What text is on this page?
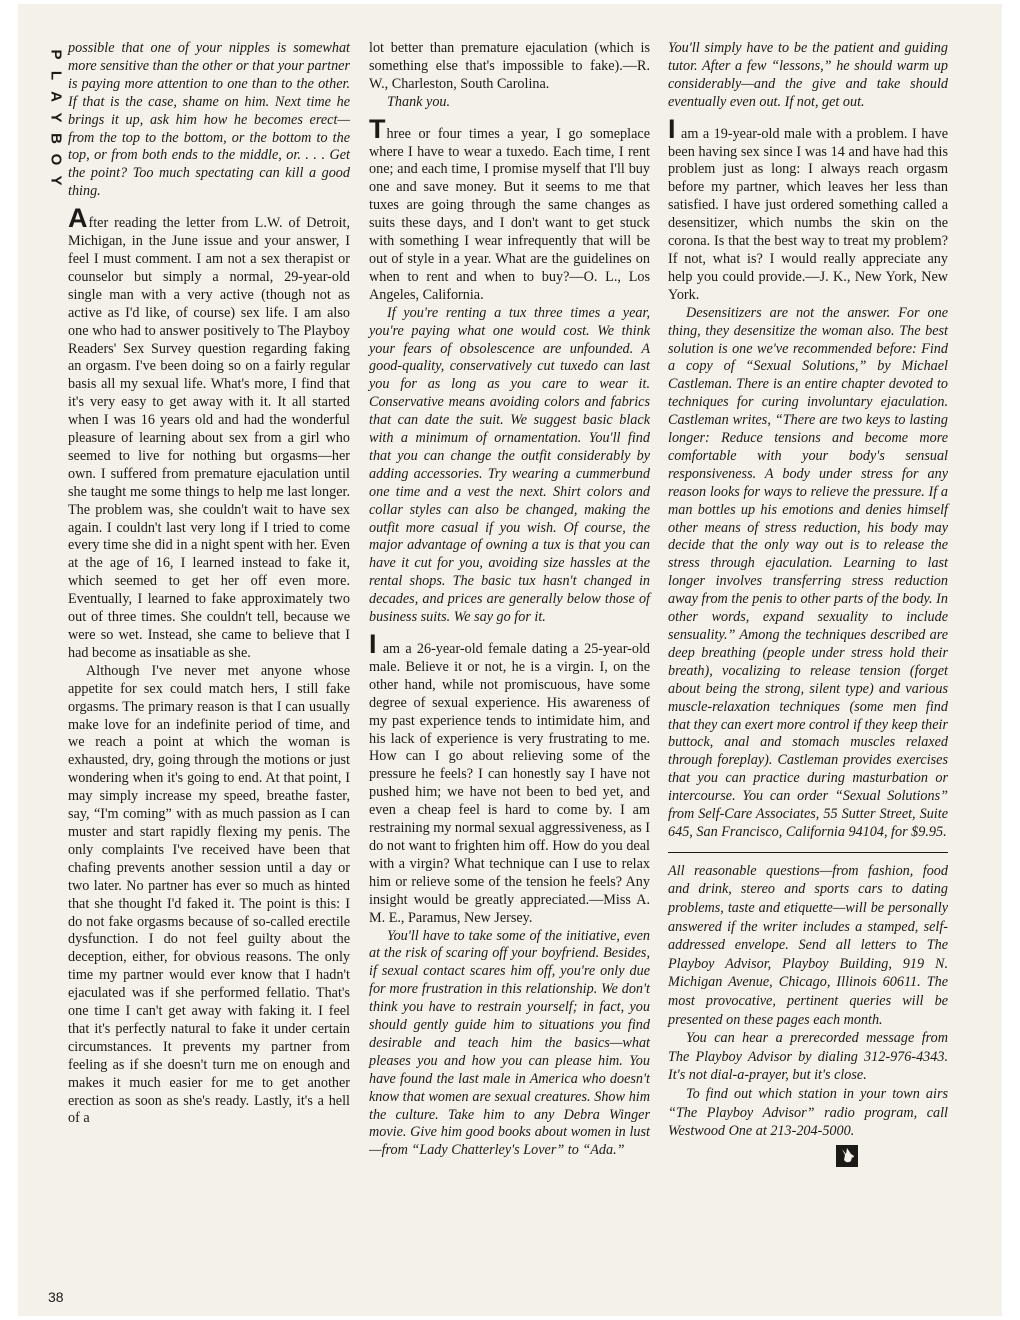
P
L
A
Y
B
O
Y

possible that one of your nipples is somewhat more sensitive than the other or that your partner is paying more attention to one than to the other. If that is the case, shame on him. Next time he brings it up, ask him how he becomes erect—from the top to the bottom, or the bottom to the top, or from both ends to the middle, or. . . . Get the point? Too much spectating can kill a good thing.

After reading the letter from L.W. of Detroit, Michigan, in the June issue and your answer, I feel I must comment. I am not a sex therapist or counselor but simply a normal, 29-year-old single man with a very active (though not as active as I'd like, of course) sex life. I am also one who had to answer positively to The Playboy Readers' Sex Survey question regarding faking an orgasm. I've been doing so on a fairly regular basis all my sexual life. What's more, I find that it's very easy to get away with it. It all started when I was 16 years old and had the wonderful pleasure of learning about sex from a girl who seemed to live for nothing but orgasms—her own. I suffered from premature ejaculation until she taught me some things to help me last longer. The problem was, she couldn't wait to have sex again. I couldn't last very long if I tried to come every time she did in a night spent with her. Even at the age of 16, I learned instead to fake it, which seemed to get her off even more. Eventually, I learned to fake approximately two out of three times. She couldn't tell, because we were so wet. Instead, she came to believe that I had become as insatiable as she.

Although I've never met anyone whose appetite for sex could match hers, I still fake orgasms. The primary reason is that I can usually make love for an indefinite period of time, and we reach a point at which the woman is exhausted, dry, going through the motions or just wondering when it's going to end. At that point, I may simply increase my speed, breathe faster, say, “I'm coming” with as much passion as I can muster and start rapidly flexing my penis. The only complaints I've received have been that chafing prevents another session until a day or two later. No partner has ever so much as hinted that she thought I'd faked it. The point is this: I do not fake orgasms because of so-called erectile dysfunction. I do not feel guilty about the deception, either, for obvious reasons. The only time my partner would ever know that I hadn't ejaculated was if she performed fellatio. That's one time I can't get away with faking it. I feel that it's perfectly natural to fake it under certain circumstances. It prevents my partner from feeling as if she doesn't turn me on enough and makes it much easier for me to get another erection as soon as she's ready. Lastly, it's a hell of a

lot better than premature ejaculation (which is something else that's impossible to fake).—R. W., Charleston, South Carolina.

Thank you.

Three or four times a year, I go someplace where I have to wear a tuxedo. Each time, I rent one; and each time, I promise myself that I'll buy one and save money. But it seems to me that tuxes are going through the same changes as suits these days, and I don't want to get stuck with something I wear infrequently that will be out of style in a year. What are the guidelines on when to rent and when to buy?—O. L., Los Angeles, California.

If you're renting a tux three times a year, you're paying what one would cost. We think your fears of obsolescence are unfounded. A good-quality, conservatively cut tuxedo can last you for as long as you care to wear it. Conservative means avoiding colors and fabrics that can date the suit. We suggest basic black with a minimum of ornamentation. You'll find that you can change the outfit considerably by adding accessories. Try wearing a cummerbund one time and a vest the next. Shirt colors and collar styles can also be changed, making the outfit more casual if you wish. Of course, the major advantage of owning a tux is that you can have it cut for you, avoiding size hassles at the rental shops. The basic tux hasn't changed in decades, and prices are generally below those of business suits. We say go for it.

I am a 26-year-old female dating a 25-year-old male. Believe it or not, he is a virgin. I, on the other hand, while not promiscuous, have some degree of sexual experience. His awareness of my past experience tends to intimidate him, and his lack of experience is very frustrating to me. How can I go about relieving some of the pressure he feels? I can honestly say I have not pushed him; we have not been to bed yet, and even a cheap feel is hard to come by. I am restraining my normal sexual aggressiveness, as I do not want to frighten him off. How do you deal with a virgin? What technique can I use to relax him or relieve some of the tension he feels? Any insight would be greatly appreciated.—Miss A. M. E., Paramus, New Jersey.

You'll have to take some of the initiative, even at the risk of scaring off your boyfriend. Besides, if sexual contact scares him off, you're only due for more frustration in this relationship. We don't think you have to restrain yourself; in fact, you should gently guide him to situations you find desirable and teach him the basics—what pleases you and how you can please him. You have found the last male in America who doesn't know that women are sexual creatures. Show him the culture. Take him to any Debra Winger movie. Give him good books about women in lust—from “Lady Chatterley's Lover” to “Ada.”

You'll simply have to be the patient and guiding tutor. After a few “lessons,” he should warm up considerably—and the give and take should eventually even out. If not, get out.

I am a 19-year-old male with a problem. I have been having sex since I was 14 and have had this problem just as long: I always reach orgasm before my partner, which leaves her less than satisfied. I have just ordered something called a desensitizer, which numbs the skin on the corona. Is that the best way to treat my problem? If not, what is? I would really appreciate any help you could provide.—J. K., New York, New York.

Desensitizers are not the answer. For one thing, they desensitize the woman also. The best solution is one we've recommended before: Find a copy of “Sexual Solutions,” by Michael Castleman. There is an entire chapter devoted to techniques for curing involuntary ejaculation. Castleman writes, “There are two keys to lasting longer: Reduce tensions and become more comfortable with your body's sensual responsiveness. A body under stress for any reason looks for ways to relieve the pressure. If a man bottles up his emotions and denies himself other means of stress reduction, his body may decide that the only way out is to release the stress through ejaculation. Learning to last longer involves transferring stress reduction away from the penis to other parts of the body. In other words, expand sexuality to include sensuality.” Among the techniques described are deep breathing (people under stress hold their breath), vocalizing to release tension (forget about being the strong, silent type) and various muscle-relaxation techniques (some men find that they can exert more control if they keep their buttock, anal and stomach muscles relaxed through foreplay). Castleman provides exercises that you can practice during masturbation or intercourse. You can order “Sexual Solutions” from Self-Care Associates, 55 Sutter Street, Suite 645, San Francisco, California 94104, for $9.95.

All reasonable questions—from fashion, food and drink, stereo and sports cars to dating problems, taste and etiquette—will be personally answered if the writer includes a stamped, self-addressed envelope. Send all letters to The Playboy Advisor, Playboy Building, 919 N. Michigan Avenue, Chicago, Illinois 60611. The most provocative, pertinent queries will be presented on these pages each month.

You can hear a prerecorded message from The Playboy Advisor by dialing 312-976-4343. It's not dial-a-prayer, but it's close.

To find out which station in your town airs “The Playboy Advisor” radio program, call Westwood One at 213-204-5000.

38
